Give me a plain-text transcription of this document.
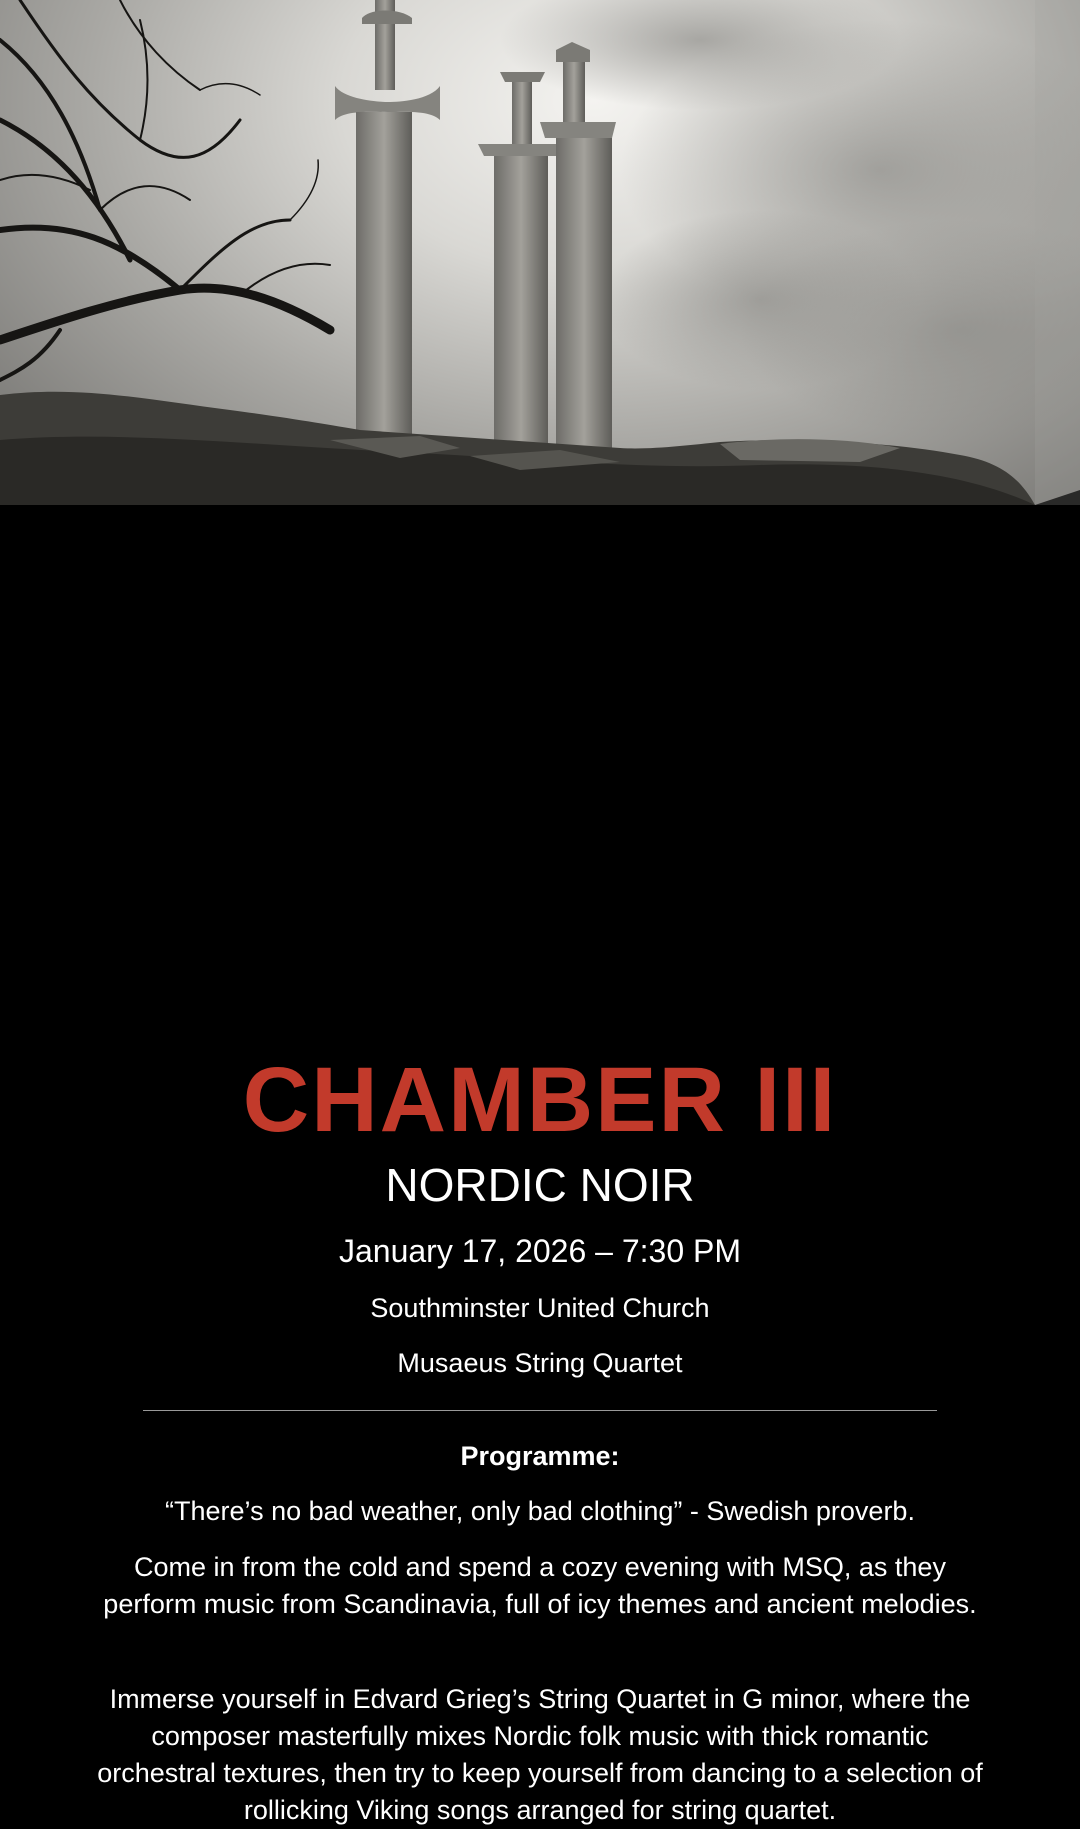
CHAMBER III
NORDIC NOIR
January 17, 2026 – 7:30 PM
Southminster United Church
Musaeus String Quartet
Programme:
“There’s no bad weather, only bad clothing” - Swedish proverb.
Come in from the cold and spend a cozy evening with MSQ, as they perform music from Scandinavia, full of icy themes and ancient melodies.
Immerse yourself in Edvard Grieg’s String Quartet in G minor, where the composer masterfully mixes Nordic folk music with thick romantic orchestral textures, then try to keep yourself from dancing to a selection of rollicking Viking songs arranged for string quartet.
